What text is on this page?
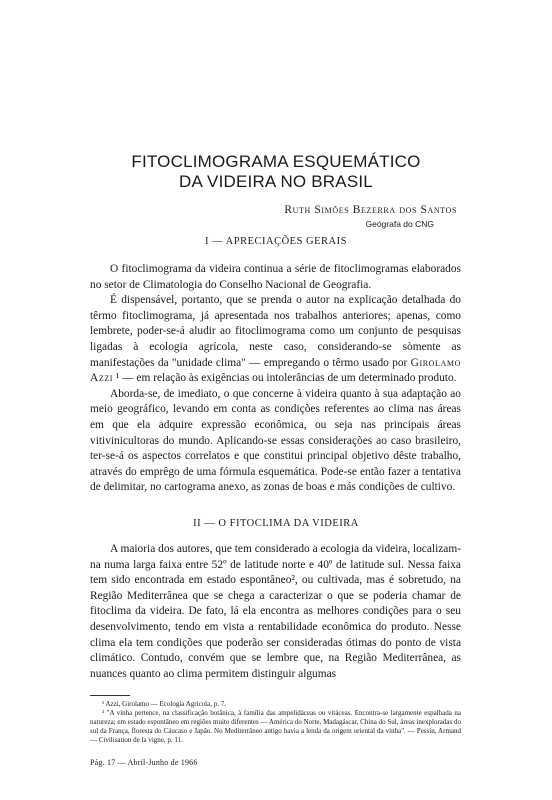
FITOCLIMOGRAMA ESQUEMÁTICO
DA VIDEIRA NO BRASIL
Ruth Simões Bezerra dos Santos
Geógrafa do CNG
I — APRECIAÇÕES GERAIS

O fitoclimograma da videira continua a série de fitoclimogramas elaborados no setor de Climatologia do Conselho Nacional de Geografia.

É dispensável, portanto, que se prenda o autor na explicação detalhada do têrmo fitoclimograma, já apresentada nos trabalhos anteriores; apenas, como lembrete, poder-se-á aludir ao fitoclimograma como um conjunto de pesquisas ligadas à ecologia agrícola, neste caso, considerando-se sòmente as manifestações da "unidade clima" — empregando o têrmo usado por Girolamo Azzi ¹ — em relação às exigências ou intolerâncias de um determinado produto.

Aborda-se, de imediato, o que concerne à videira quanto à sua adaptação ao meio geográfico, levando em conta as condições referentes ao clima nas áreas em que ela adquire expressão econômica, ou seja nas principais áreas vitivinicultoras do mundo. Aplicando-se essas considerações ao caso brasileiro, ter-se-á os aspectos correlatos e que constitui principal objetivo dêste trabalho, através do emprêgo de uma fórmula esquemática. Pode-se então fazer a tentativa de delimitar, no cartograma anexo, as zonas de boas e más condições de cultivo.

II — O FITOCLIMA DA VIDEIRA

A maioria dos autores, que tem considerado a ecologia da videira, localizam-na numa larga faixa entre 52º de latitude norte e 40º de latitude sul. Nessa faixa tem sido encontrada em estado espontâneo², ou cultivada, mas é sobretudo, na Região Mediterrânea que se chega a caracterizar o que se poderia chamar de fitoclima da videira. De fato, lá ela encontra as melhores condições para o seu desenvolvimento, tendo em vista a rentabilidade econômica do produto. Nesse clima ela tem condições que poderão ser consideradas ótimas do ponto de vista climático. Contudo, convém que se lembre que, na Região Mediterrânea, as nuances quanto ao clima permitem distinguir algumas

¹ Azzi, Girolamo — Ecologia Agricola, p. 7.

² "A vinha pertence, na classificação botânica, à família das ampelidáceas ou vitáceas. Encontra-se largamente espalhada na natureza; em estado espontâneo em regiões muito diferentes — América do Norte, Madagáscar, China do Sul, áreas inexploradas do sul da França, floresta do Cáucaso e Japão. No Mediterrâneo antigo havia a lenda da origem oriental da vinha". — Pessin, Armand — Civilisation de la vigne, p. 11.

Pág. 17 — Abril-Junho de 1966
